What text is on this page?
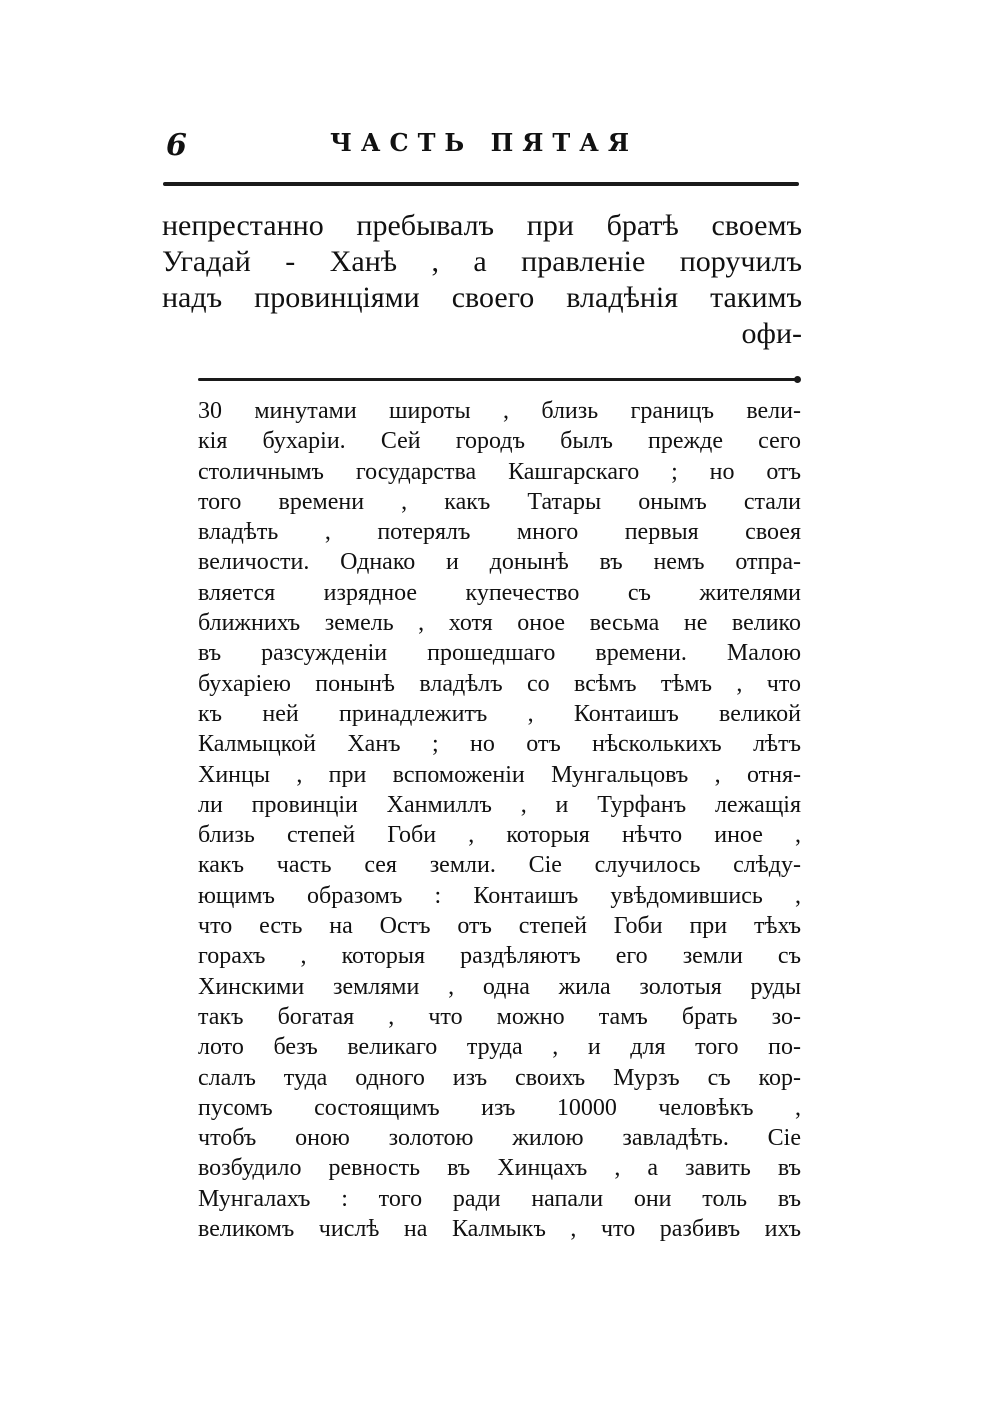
6	ЧАСТЬ ПЯТАЯ
непрестанно пребывалъ при братѣ своемъ
Угадай - Ханѣ , а правленіе поручилъ
надъ провинціями своего владѣнія такимъ
офи-
30 минутами широты , близь границъ вели-
кія бухаріи. Сей городъ былъ прежде сего
столичнымъ государства Кашгарскаго ; но отъ
того времени , какъ Татары онымъ стали
владѣть , потерялъ много первыя своея
величости. Однако и донынѣ въ немъ отпра-
вляется изрядное купечество съ жителями
ближнихъ земель , хотя оное весьма не велико
въ разсужденіи прошедшаго времени. Малою
бухаріею понынѣ владѣлъ со всѣмъ тѣмъ , что
къ ней принадлежитъ , Контаишъ великой
Калмыцкой Ханъ ; но отъ нѣсколькихъ лѣтъ
Хинцы , при вспоможеніи Мунгальцовъ , отня-
ли провинціи Ханмиллъ , и Турфанъ лежащія
близь степей Гоби , которыя нѣчто иное ,
какъ часть сея земли. Сіе случилось слѣду-
ющимъ образомъ : Контаишъ увѣдомившись ,
что есть на Остъ отъ степей Гоби при тѣхъ
горахъ , которыя раздѣляютъ его земли съ
Хинскими землями , одна жила золотыя руды
такъ богатая , что можно тамъ брать зо-
лото безъ великаго труда , и для того по-
слалъ туда одного изъ своихъ Мурзъ съ кор-
пусомъ состоящимъ изъ 10000 человѣкъ ,
чтобъ оною золотою жилою завладѣть. Сіе
возбудило ревность въ Хинцахъ , а завить въ
Мунгалахъ : того ради напали они толь въ
великомъ числѣ на Калмыкъ , что разбивъ ихъ
